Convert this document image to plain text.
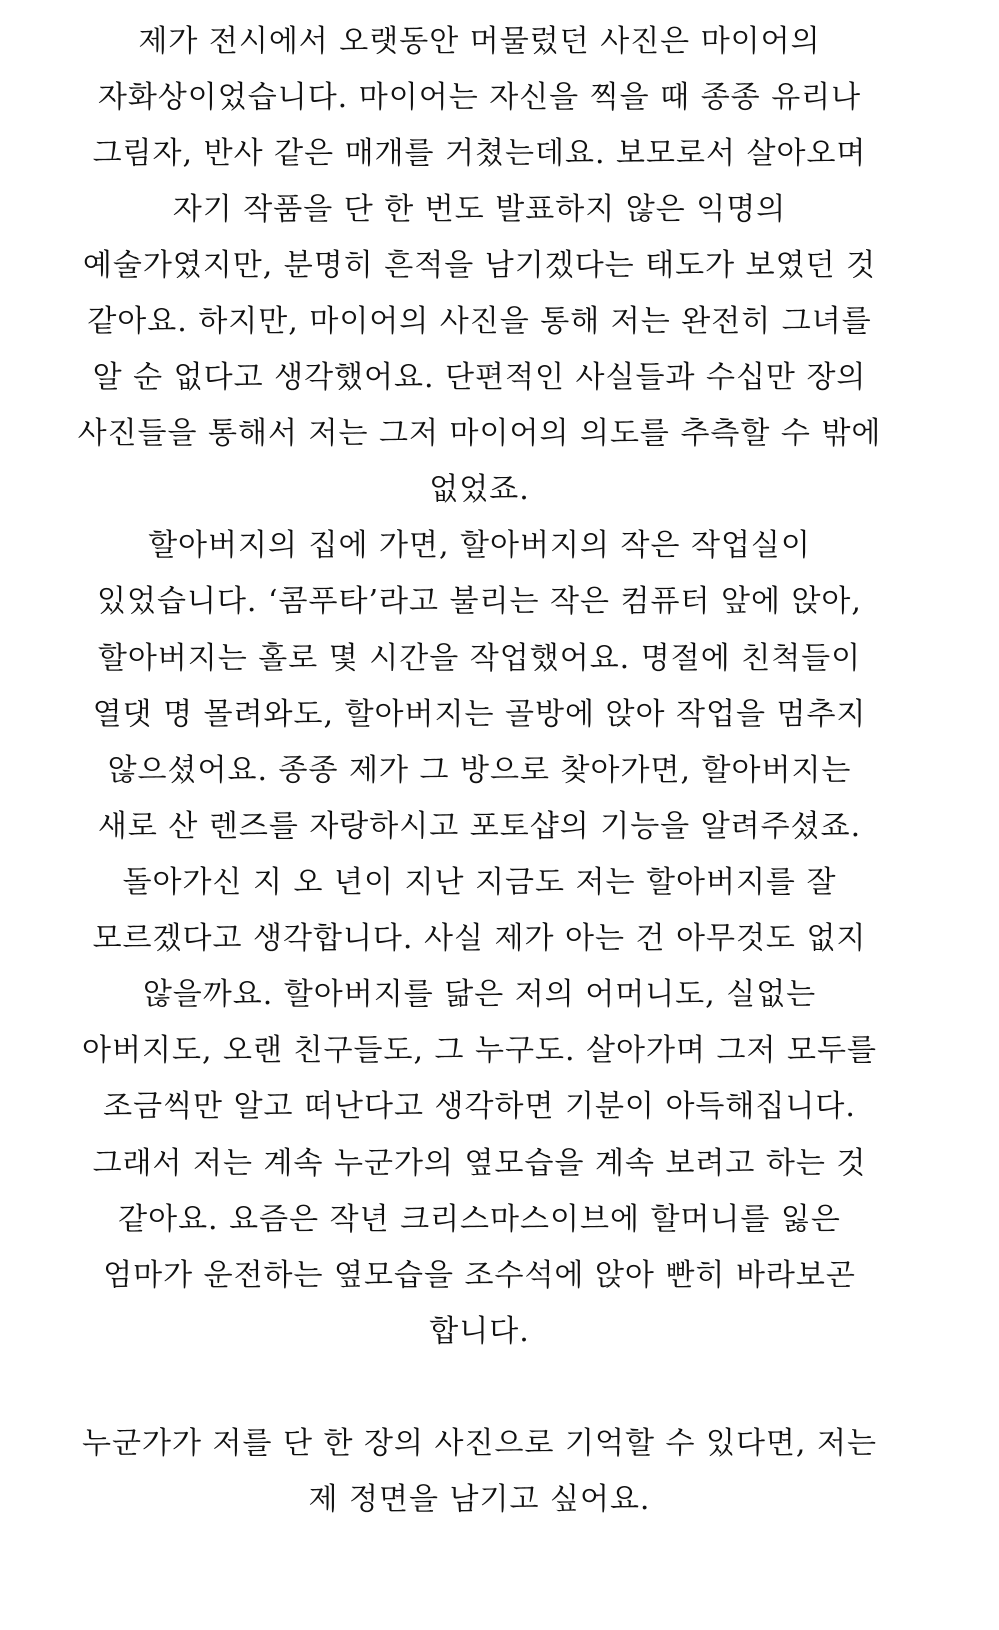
제가 전시에서 오랫동안 머물렀던 사진은 마이어의
자화상이었습니다. 마이어는 자신을 찍을 때 종종 유리나
그림자, 반사 같은 매개를 거쳤는데요. 보모로서 살아오며
자기 작품을 단 한 번도 발표하지 않은 익명의
예술가였지만, 분명히 흔적을 남기겠다는 태도가 보였던 것
같아요. 하지만, 마이어의 사진을 통해 저는 완전히 그녀를
알 순 없다고 생각했어요. 단편적인 사실들과 수십만 장의
사진들을 통해서 저는 그저 마이어의 의도를 추측할 수 밖에
없었죠.
할아버지의 집에 가면, 할아버지의 작은 작업실이
있었습니다. ‘콤푸타’라고 불리는 작은 컴퓨터 앞에 앉아,
할아버지는 홀로 몇 시간을 작업했어요. 명절에 친척들이
열댓 명 몰려와도, 할아버지는 골방에 앉아 작업을 멈추지
않으셨어요. 종종 제가 그 방으로 찾아가면, 할아버지는
새로 산 렌즈를 자랑하시고 포토샵의 기능을 알려주셨죠.
돌아가신 지 오 년이 지난 지금도 저는 할아버지를 잘
모르겠다고 생각합니다. 사실 제가 아는 건 아무것도 없지
않을까요. 할아버지를 닮은 저의 어머니도, 실없는
아버지도, 오랜 친구들도, 그 누구도. 살아가며 그저 모두를
조금씩만 알고 떠난다고 생각하면 기분이 아득해집니다.
그래서 저는 계속 누군가의 옆모습을 계속 보려고 하는 것
같아요. 요즘은 작년 크리스마스이브에 할머니를 잃은
엄마가 운전하는 옆모습을 조수석에 앉아 빤히 바라보곤
합니다.
누군가가 저를 단 한 장의 사진으로 기억할 수 있다면, 저는
제 정면을 남기고 싶어요.
